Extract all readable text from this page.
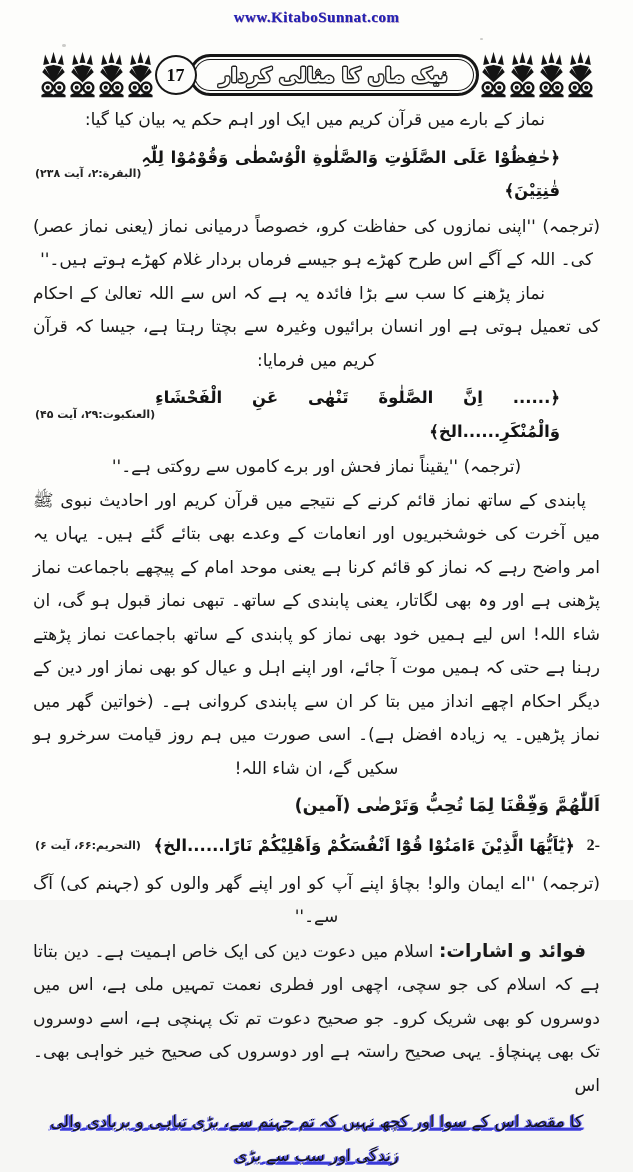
www.KitaboSunnat.com
17	نیک ماں کا مثالی کردار

نماز کے بارے میں قرآن کریم میں ایک اور اہم حکم یہ بیان کیا گیا:

﴿حٰفِظُوْا عَلَی الصَّلَوٰتِ وَالصَّلٰوةِ الْوُسْطٰی وَقُوْمُوْا لِلّٰہِ قٰنِتِیْنَ﴾
(البقرة:۲، آیت ۲۳۸)

(ترجمہ) ''اپنی نمازوں کی حفاظت کرو، خصوصاً درمیانی نماز (یعنی نماز عصر) کی۔ اللہ کے آگے اس طرح کھڑے ہو جیسے فرماں بردار غلام کھڑے ہوتے ہیں۔''

نماز پڑھنے کا سب سے بڑا فائدہ یہ ہے کہ اس سے اللہ تعالیٰ کے احکام کی تعمیل ہوتی ہے اور انسان برائیوں وغیرہ سے بچتا رہتا ہے، جیسا کہ قرآن کریم میں فرمایا:

﴿...... اِنَّ الصَّلٰوةَ تَنْهٰی عَنِ الْفَحْشَاءِ وَالْمُنْكَرِ......الخ﴾
(العنکبوت:۲۹، آیت ۴۵)

(ترجمہ) ''یقیناً نماز فحش اور برے کاموں سے روکتی ہے۔''

پابندی کے ساتھ نماز قائم کرنے کے نتیجے میں قرآن کریم اور احادیث نبوی ﷺ میں آخرت کی خوشخبریوں اور انعامات کے وعدے بھی بتائے گئے ہیں۔ یہاں یہ امر واضح رہے کہ نماز کو قائم کرنا ہے یعنی موحد امام کے پیچھے باجماعت نماز پڑھنی ہے اور وہ بھی لگاتار، یعنی پابندی کے ساتھ۔ تبھی نماز قبول ہو گی، ان شاء اللہ! اس لیے ہمیں خود بھی نماز کو پابندی کے ساتھ باجماعت نماز پڑھتے رہنا ہے حتی کہ ہمیں موت آ جائے، اور اپنے اہل و عیال کو بھی نماز اور دین کے دیگر احکام اچھے انداز میں بتا کر ان سے پابندی کروانی ہے۔ (خواتین گھر میں نماز پڑھیں۔ یہ زیادہ افضل ہے)۔ اسی صورت میں ہم روز قیامت سرخرو ہو سکیں گے، ان شاء اللہ!

اَللّٰهُمَّ وَفِّقْنَا لِمَا تُحِبُّ وَتَرْضٰی (آمین)

2-
﴿یٰٓاَیُّهَا الَّذِیْنَ ءَامَنُوْا قُوْٓا اَنْفُسَكُمْ وَاَهْلِیْكُمْ نَارًا......الخ﴾
(التحریم:۶۶، آیت ۶)

(ترجمہ) ''اے ایمان والو! بچاؤ اپنے آپ کو اور اپنے گھر والوں کو (جہنم کی) آگ سے۔''

فوائد و اشارات: اسلام میں دعوت دین کی ایک خاص اہمیت ہے۔ دین بتاتا ہے کہ اسلام کی جو سچی، اچھی اور فطری نعمت تمہیں ملی ہے، اس میں دوسروں کو بھی شریک کرو۔ جو صحیح دعوت تم تک پہنچی ہے، اسے دوسروں تک بھی پہنچاؤ۔ یہی صحیح راستہ ہے اور دوسروں کی صحیح خیر خواہی بھی۔ اس

کا مقصد اس کے سوا اور کچھ نہیں کہ تم جہنم سے، بڑی تباہی و بربادی والی زندگی اور سب سے بڑی
